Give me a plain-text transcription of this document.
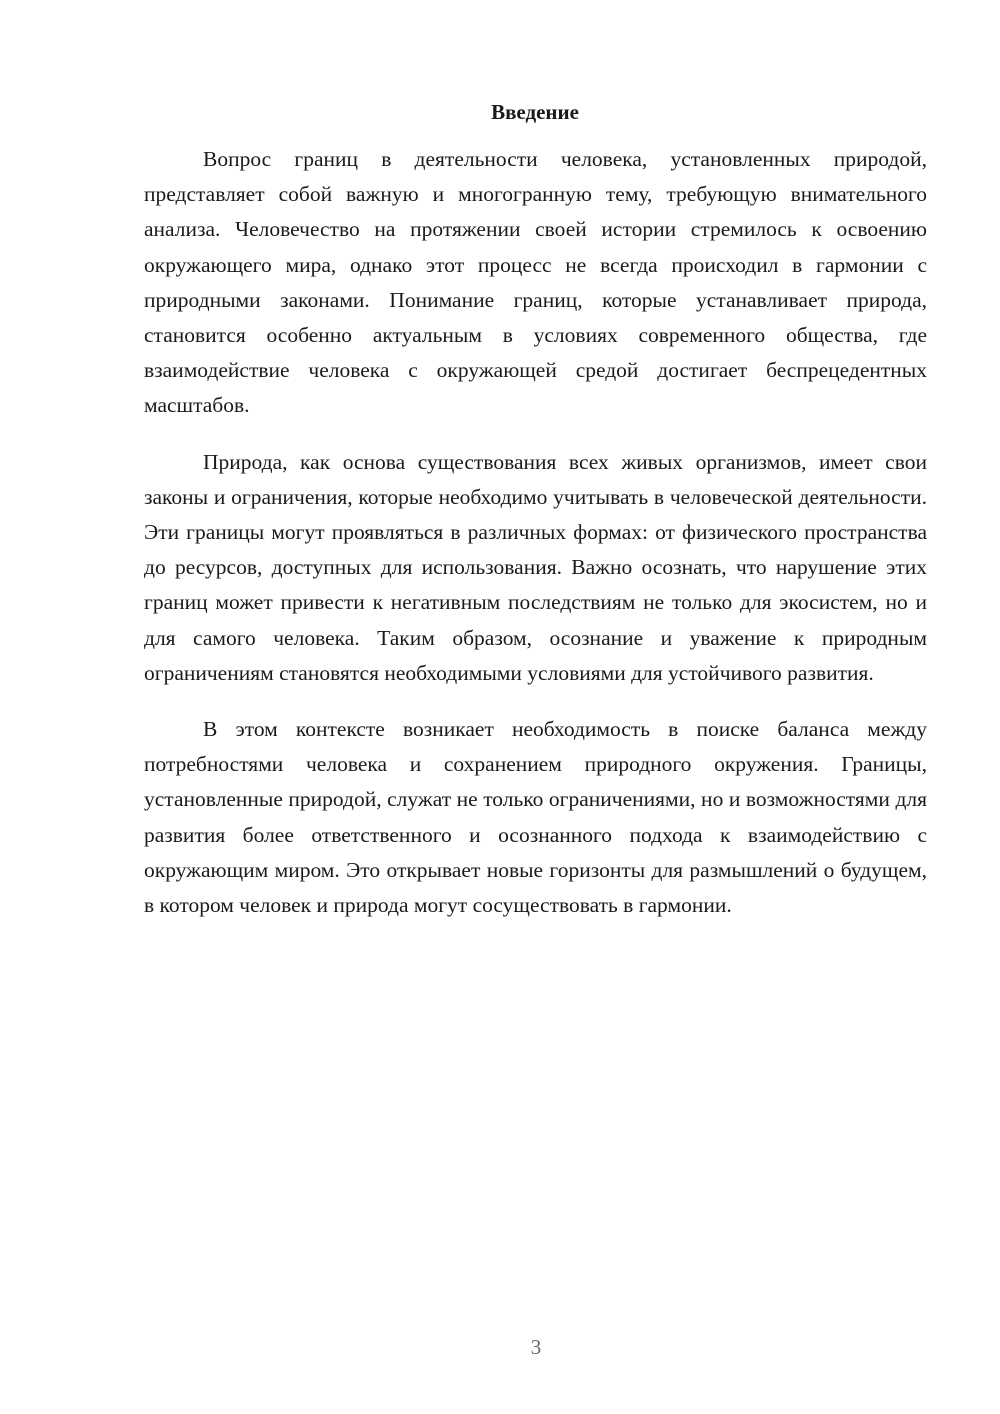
Введение

Вопрос границ в деятельности человека, установленных природой, представляет собой важную и многогранную тему, требующую внимательного анализа. Человечество на протяжении своей истории стремилось к освоению окружающего мира, однако этот процесс не всегда происходил в гармонии с природными законами. Понимание границ, которые устанавливает природа, становится особенно актуальным в условиях современного общества, где взаимодействие человека с окружающей средой достигает беспрецедентных масштабов.

Природа, как основа существования всех живых организмов, имеет свои законы и ограничения, которые необходимо учитывать в человеческой деятельности. Эти границы могут проявляться в различных формах: от физического пространства до ресурсов, доступных для использования. Важно осознать, что нарушение этих границ может привести к негативным последствиям не только для экосистем, но и для самого человека. Таким образом, осознание и уважение к природным ограничениям становятся необходимыми условиями для устойчивого развития.

В этом контексте возникает необходимость в поиске баланса между потребностями человека и сохранением природного окружения. Границы, установленные природой, служат не только ограничениями, но и возможностями для развития более ответственного и осознанного подхода к взаимодействию с окружающим миром. Это открывает новые горизонты для размышлений о будущем, в котором человек и природа могут сосуществовать в гармонии.

3
